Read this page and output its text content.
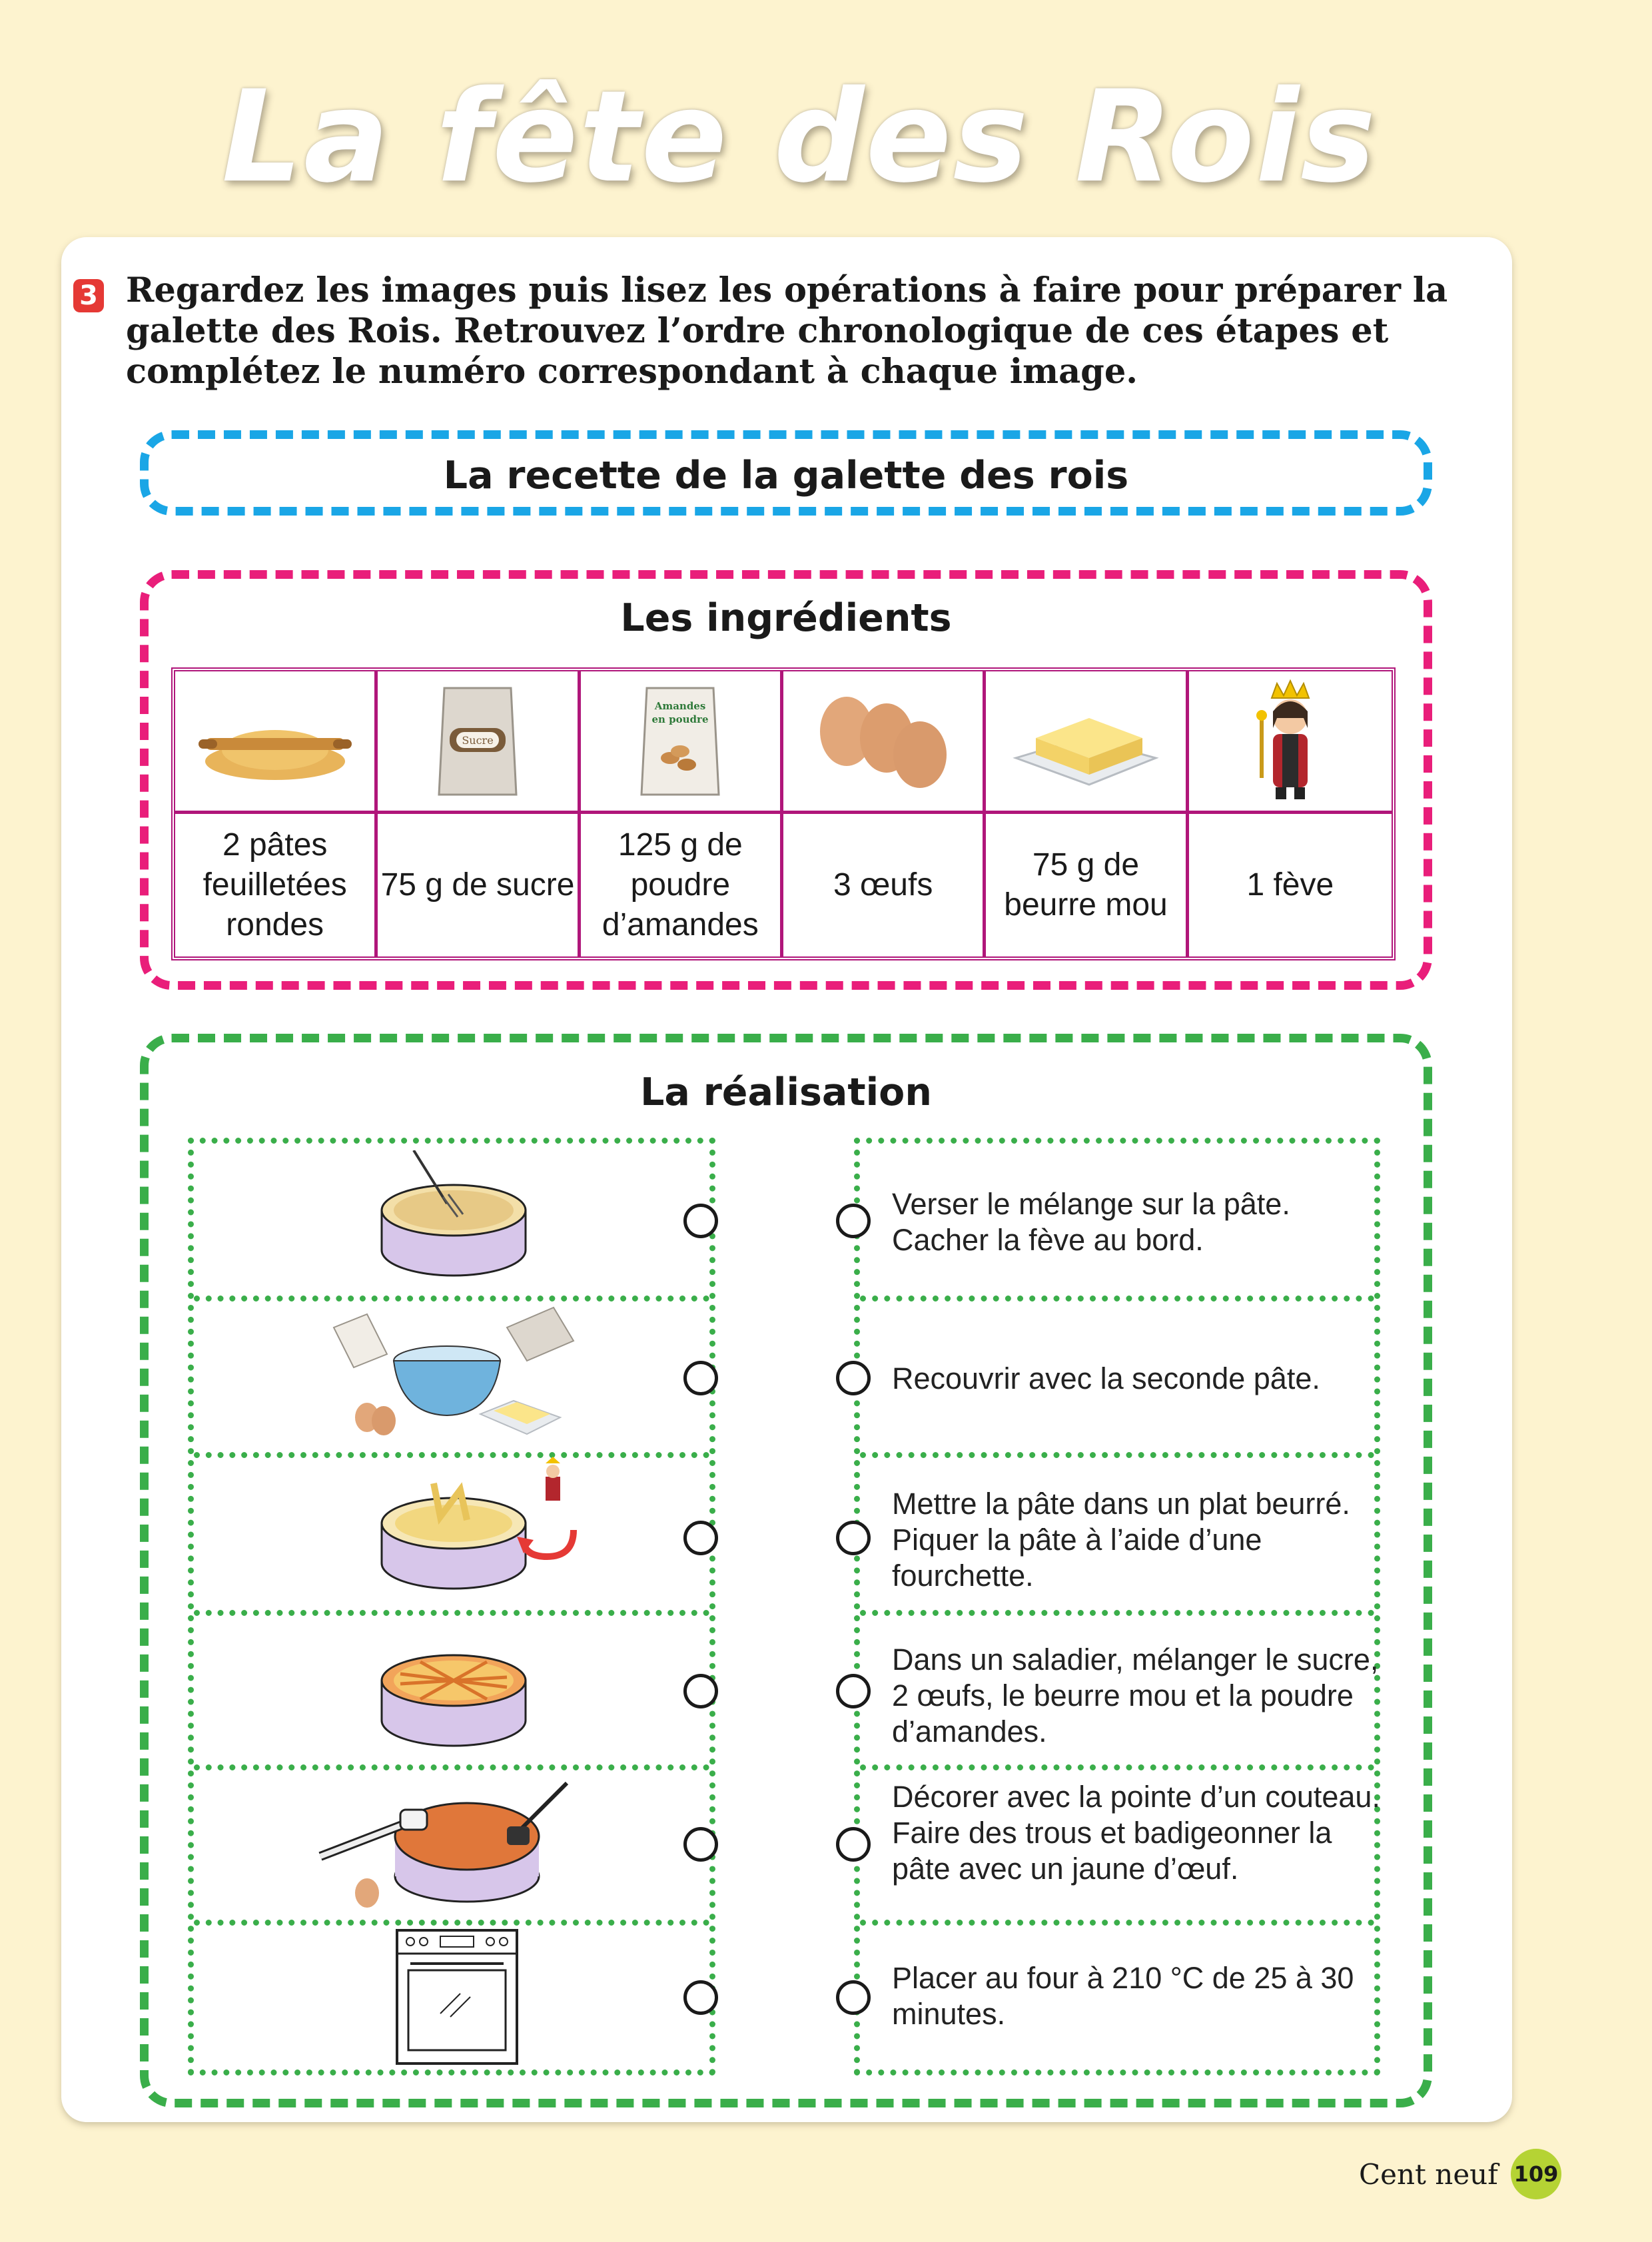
La fête des Rois
3 Regardez les images puis lisez les opérations à faire pour préparer la galette des Rois. Retrouvez l’ordre chronologique de ces étapes et complétez le numéro correspondant à chaque image.
La recette de la galette des rois
Les ingrédients
Sucre
Amandes
en poudre
2 pâtes feuilletées rondes
75 g de sucre
125 g de poudre d’amandes
3 œufs
75 g de beurre mou
1 fève
La réalisation
Verser le mélange sur la pâte. Cacher la fève au bord.
Recouvrir avec la seconde pâte.
Mettre la pâte dans un plat beurré. Piquer la pâte à l’aide d’une fourchette.
Dans un saladier, mélanger le sucre, 2 œufs, le beurre mou et la poudre d’amandes.
Décorer avec la pointe d’un couteau. Faire des trous et badigeonner la pâte avec un jaune d’œuf.
Placer au four à 210 °C de 25 à 30 minutes.
Cent neuf 109
